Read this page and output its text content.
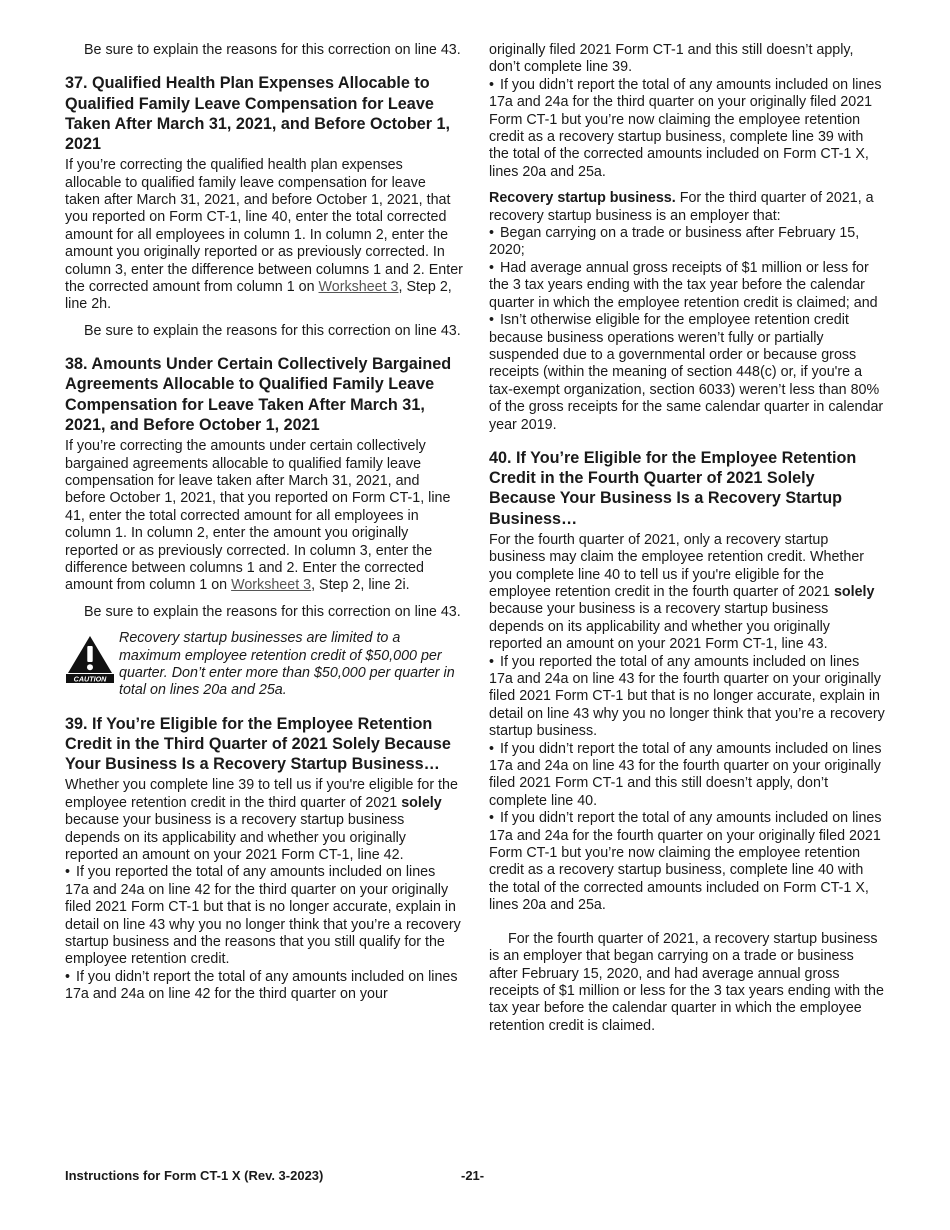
Be sure to explain the reasons for this correction on line 43.

37. Qualified Health Plan Expenses Allocable to Qualified Family Leave Compensation for Leave Taken After March 31, 2021, and Before October 1, 2021

If you’re correcting the qualified health plan expenses allocable to qualified family leave compensation for leave taken after March 31, 2021, and before October 1, 2021, that you reported on Form CT-1, line 40, enter the total corrected amount for all employees in column 1. In column 2, enter the amount you originally reported or as previously corrected. In column 3, enter the difference between columns 1 and 2. Enter the corrected amount from column 1 on Worksheet 3, Step 2, line 2h.

Be sure to explain the reasons for this correction on line 43.

38. Amounts Under Certain Collectively Bargained Agreements Allocable to Qualified Family Leave Compensation for Leave Taken After March 31, 2021, and Before October 1, 2021

If you’re correcting the amounts under certain collectively bargained agreements allocable to qualified family leave compensation for leave taken after March 31, 2021, and before October 1, 2021, that you reported on Form CT-1, line 41, enter the total corrected amount for all employees in column 1. In column 2, enter the amount you originally reported or as previously corrected. In column 3, enter the difference between columns 1 and 2. Enter the corrected amount from column 1 on Worksheet 3, Step 2, line 2i.

Be sure to explain the reasons for this correction on line 43.

CAUTION
Recovery startup businesses are limited to a maximum employee retention credit of $50,000 per quarter. Don’t enter more than $50,000 per quarter in total on lines 20a and 25a.
39. If You’re Eligible for the Employee Retention Credit in the Third Quarter of 2021 Solely Because Your Business Is a Recovery Startup Business…

Whether you complete line 39 to tell us if you're eligible for the employee retention credit in the third quarter of 2021 solely because your business is a recovery startup business depends on its applicability and whether you originally reported an amount on your 2021 Form CT-1, line 42.

• If you reported the total of any amounts included on lines 17a and 24a on line 42 for the third quarter on your originally filed 2021 Form CT-1 but that is no longer accurate, explain in detail on line 43 why you no longer think that you’re a recovery startup business and the reasons that you still qualify for the employee retention credit.

• If you didn’t report the total of any amounts included on lines 17a and 24a on line 42 for the third quarter on your

originally filed 2021 Form CT-1 and this still doesn’t apply, don’t complete line 39.

• If you didn’t report the total of any amounts included on lines 17a and 24a for the third quarter on your originally filed 2021 Form CT-1 but you’re now claiming the employee retention credit as a recovery startup business, complete line 39 with the total of the corrected amounts included on Form CT-1 X, lines 20a and 25a.

Recovery startup business. For the third quarter of 2021, a recovery startup business is an employer that:

• Began carrying on a trade or business after February 15, 2020;

• Had average annual gross receipts of $1 million or less for the 3 tax years ending with the tax year before the calendar quarter in which the employee retention credit is claimed; and

• Isn’t otherwise eligible for the employee retention credit because business operations weren’t fully or partially suspended due to a governmental order or because gross receipts (within the meaning of section 448(c) or, if you're a tax-exempt organization, section 6033) weren’t less than 80% of the gross receipts for the same calendar quarter in calendar year 2019.

40. If You’re Eligible for the Employee Retention Credit in the Fourth Quarter of 2021 Solely Because Your Business Is a Recovery Startup Business…

For the fourth quarter of 2021, only a recovery startup business may claim the employee retention credit. Whether you complete line 40 to tell us if you're eligible for the employee retention credit in the fourth quarter of 2021 solely because your business is a recovery startup business depends on its applicability and whether you originally reported an amount on your 2021 Form CT-1, line 43.

• If you reported the total of any amounts included on lines 17a and 24a on line 43 for the fourth quarter on your originally filed 2021 Form CT-1 but that is no longer accurate, explain in detail on line 43 why you no longer think that you’re a recovery startup business.

• If you didn’t report the total of any amounts included on lines 17a and 24a on line 43 for the fourth quarter on your originally filed 2021 Form CT-1 and this still doesn’t apply, don’t complete line 40.

• If you didn’t report the total of any amounts included on lines 17a and 24a for the fourth quarter on your originally filed 2021 Form CT-1 but you’re now claiming the employee retention credit as a recovery startup business, complete line 40 with the total of the corrected amounts included on Form CT-1 X, lines 20a and 25a.

For the fourth quarter of 2021, a recovery startup business is an employer that began carrying on a trade or business after February 15, 2020, and had average annual gross receipts of $1 million or less for the 3 tax years ending with the tax year before the calendar quarter in which the employee retention credit is claimed.

Instructions for Form CT-1 X (Rev. 3-2023)	-21-
